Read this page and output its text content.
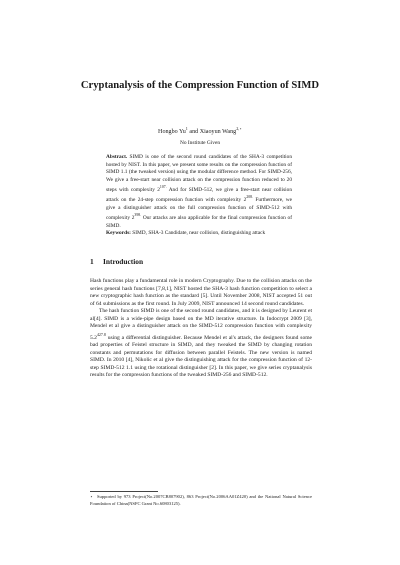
Cryptanalysis of the Compression Function of SIMD
Hongbo Yu$^1$ and Xiaoyun Wang$^{2,⋆}$
No Institute Given
Abstract. SIMD is one of the second round candidates of the SHA-3 competition hosted by NIST. In this paper, we present some results on the compression function of SIMD 1.1 (the tweaked version) using the modular difference method. For SIMD-256, We give a free-start near collision attack on the compression function reduced to 20 steps with complexity $2^{107.}$ And for SIMD-512, we give a free-start near collision attack on the 24-step compression function with complexity $2^{208.}$ Furthermore, we give a distinguisher attack on the full compression function of SIMD-512 with complexity $2^{398.}$ Our attacks are also applicable for the final compression function of SIMD.
Keywords: SIMD, SHA-3 Candidate, near collision, distinguishing attack
1 Introduction

Hash functions play a fundamental role in modern Cryptography. Due to the collision attacks on the series general hash functions [7,8,1], NIST hosted the SHA-3 hash function competition to select a new cryptographic hash function as the standard [5]. Until November 2008, NIST accepted 51 out of 64 submissions as the first round. In July 2009, NIST announced 14 second round candidates.

The hash function SIMD is one of the second round candidates, and it is designed by Leurent et al[4]. SIMD is a wide-pipe design based on the MD iterative structure. In Indocrypt 2009 [3], Mendel et al give a distinguisher attack on the SIMD-512 compression function with complexity $5.2^{427.8}$ using a differential distinguisher. Because Mendel et al's attack, the designers found some bad properties of Feistel structure in SIMD, and they tweaked the SIMD by changing rotation constants and permutations for diffusion between parallel Feistels. The new version is named SIMD. In 2010 [4], Nikolic et al give the distinguishing attack for the compression function of 12-step SIMD-512 1.1 using the rotational distinguisher [2]. In this paper, we give series cryptanalysis results for the compression functions of the tweaked SIMD-256 and SIMD-512.

⋆ Supported by 973 Project(No.2007CB807902), 863 Project(No.2006AA01Z420) and the National Natural Science Foundation of China(NSFC Grant No.60803125).
